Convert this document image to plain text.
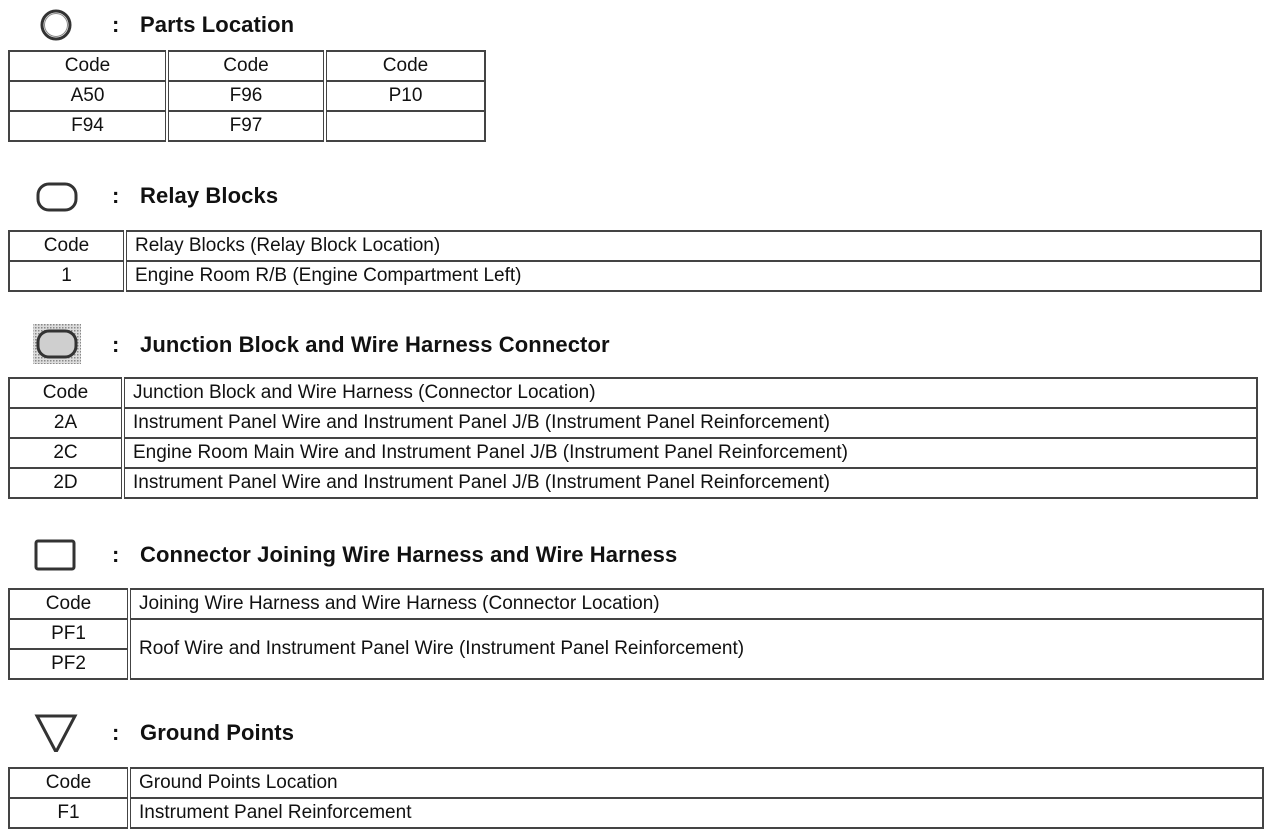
: Parts Location
Code	Code	Code
A50	F96	P10
F94	F97	
: Relay Blocks
Code	Relay Blocks (Relay Block Location)
1	Engine Room R/B (Engine Compartment Left)
: Junction Block and Wire Harness Connector
Code	Junction Block and Wire Harness (Connector Location)
2A	Instrument Panel Wire and Instrument Panel J/B (Instrument Panel Reinforcement)
2C	Engine Room Main Wire and Instrument Panel J/B (Instrument Panel Reinforcement)
2D	Instrument Panel Wire and Instrument Panel J/B (Instrument Panel Reinforcement)
: Connector Joining Wire Harness and Wire Harness
Code	Joining Wire Harness and Wire Harness (Connector Location)
PF1	Roof Wire and Instrument Panel Wire (Instrument Panel Reinforcement)
PF2	
: Ground Points
Code	Ground Points Location
F1	Instrument Panel Reinforcement
